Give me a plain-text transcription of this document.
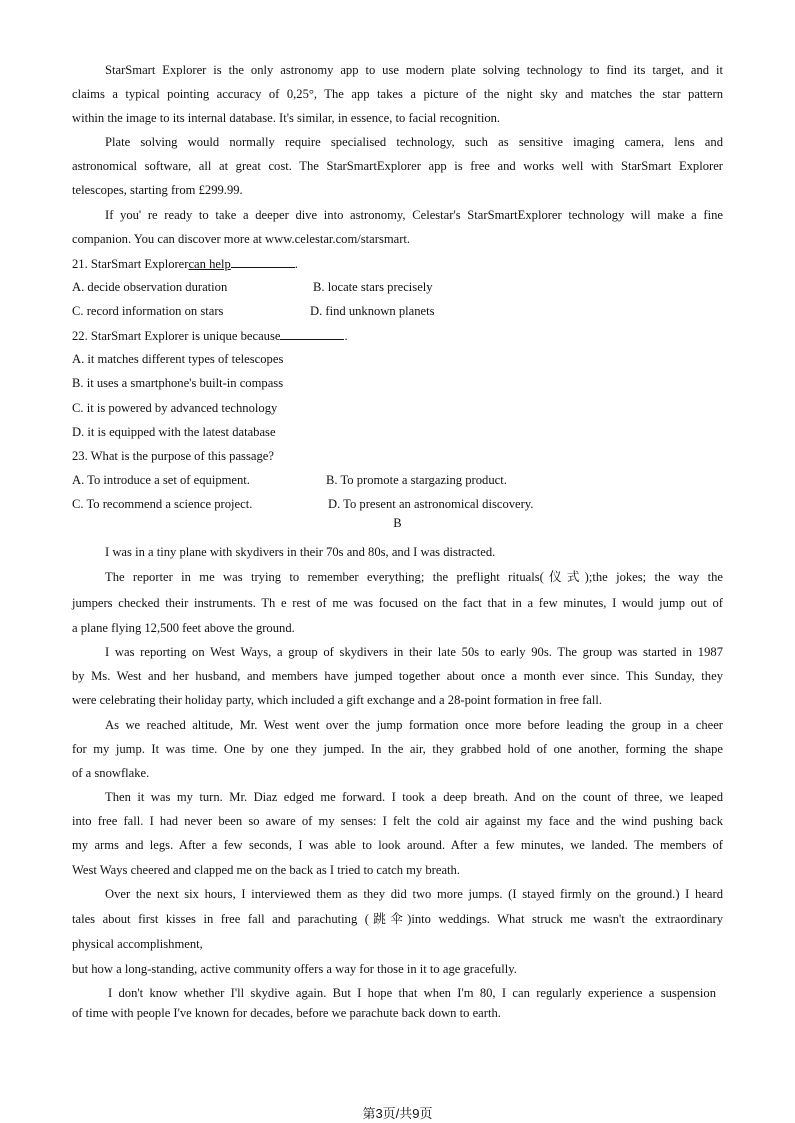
StarSmart Explorer is the only astronomy app to use modern plate solving technology to find its target, and it
claims a typical pointing accuracy of 0,25°, The app takes a picture of the night sky and matches the star pattern
within the image to its internal database. It's similar, in essence, to facial recognition.
Plate solving would normally require specialised technology, such as sensitive imaging camera, lens and
astronomical software, all at great cost. The StarSmartExplorer app is free and works well with StarSmart Explorer
telescopes, starting from £299.99.
If you' re ready to take a deeper dive into astronomy, Celestar's StarSmartExplorer technology will make a fine
companion. You can discover more at www.celestar.com/starsmart.
21. StarSmart Explorercan help	.
A. decide observation duration	B. locate stars precisely
C. record information on stars	D. find unknown planets
22. StarSmart Explorer is unique because	.
A. it matches different types of telescopes
B. it uses a smartphone's built-in compass
C. it is powered by advanced technology
D. it is equipped with the latest database
23. What is the purpose of this passage?
A. To introduce a set of equipment.	B. To promote a stargazing product.
C. To recommend a science project.	D. To present an astronomical discovery.
B
I was in a tiny plane with skydivers in their 70s and 80s, and I was distracted.
The reporter in me was trying to remember everything; the preflight rituals(仪式);the jokes; the way the
jumpers checked their instruments. Th e rest of me was focused on the fact that in a few minutes, I would jump out of
a plane flying 12,500 feet above the ground.
I was reporting on West Ways, a group of skydivers in their late 50s to early 90s. The group was started in 1987
by Ms. West and her husband, and members have jumped together about once a month ever since. This Sunday, they
were celebrating their holiday party, which included a gift exchange and a 28-point formation in free fall.
As we reached altitude, Mr. West went over the jump formation once more before leading the group in a cheer
for my jump. It was time. One by one they jumped. In the air, they grabbed hold of one another, forming the shape
of a snowflake.
Then it was my turn. Mr. Diaz edged me forward. I took a deep breath. And on the count of three, we leaped
into free fall. I had never been so aware of my senses: I felt the cold air against my face and the wind pushing back
my arms and legs. After a few seconds, I was able to look around. After a few minutes, we landed. The members of
West Ways cheered and clapped me on the back as I tried to catch my breath.
Over the next six hours, I interviewed them as they did two more jumps. (I stayed firmly on the ground.) I heard
tales about first kisses in free fall and parachuting (跳伞)into weddings. What struck me wasn't the extraordinary
physical accomplishment,
but how a long-standing, active community offers a way for those in it to age gracefully.
I don't know whether I'll skydive again. But I hope that when I'm 80, I can regularly experience a suspension
of time with people I've known for decades, before we parachute back down to earth.
第3页/共9页
